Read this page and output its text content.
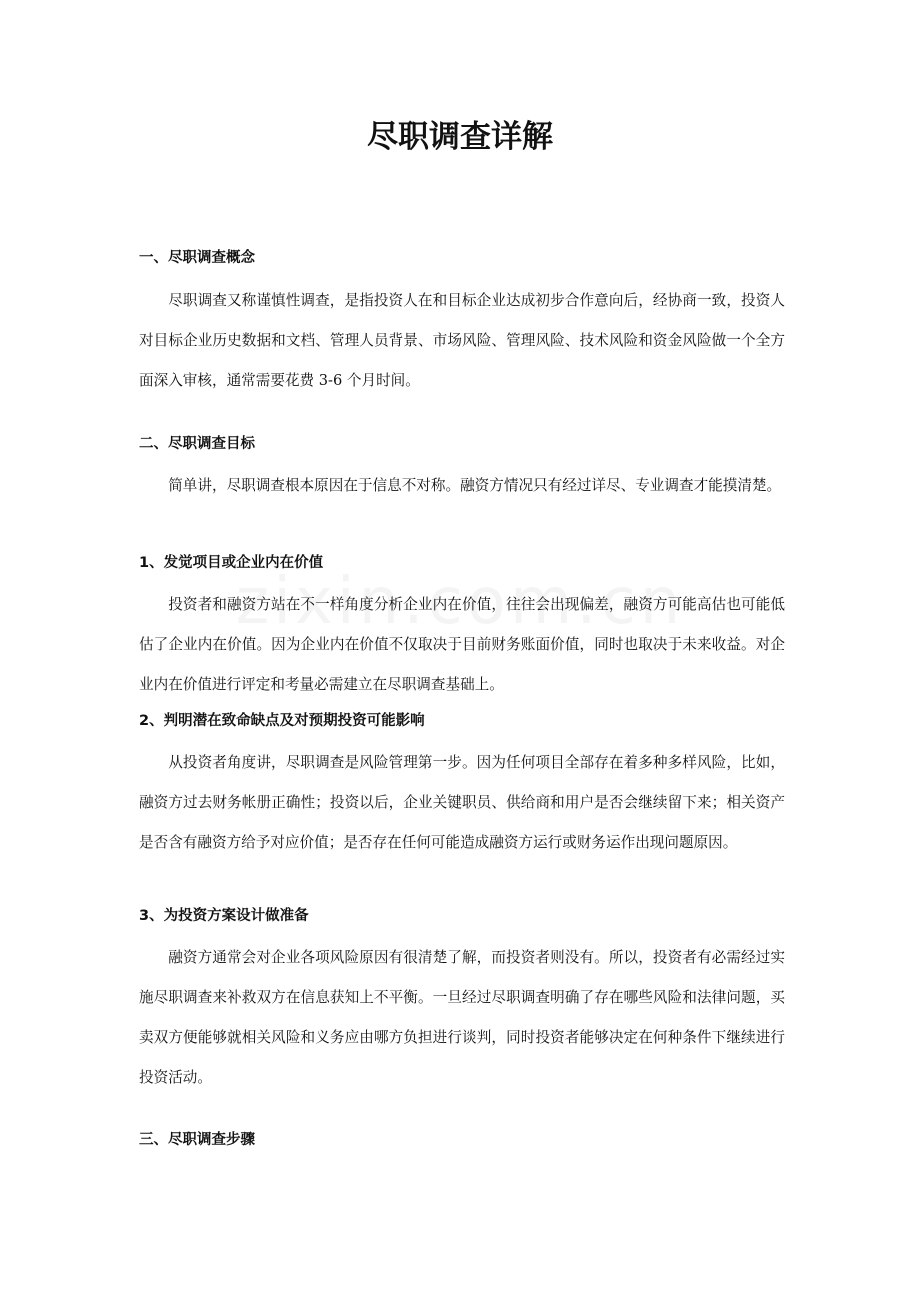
尽职调查详解
一、尽职调查概念

尽职调查又称谨慎性调查，是指投资人在和目标企业达成初步合作意向后，经协商一致，投资人对目标企业历史数据和文档、管理人员背景、市场风险、管理风险、技术风险和资金风险做一个全方面深入审核，通常需要花费 3-6 个月时间。

二、尽职调查目标

简单讲，尽职调查根本原因在于信息不对称。融资方情况只有经过详尽、专业调查才能摸清楚。

1、发觉项目或企业内在价值

投资者和融资方站在不一样角度分析企业内在价值，往往会出现偏差，融资方可能高估也可能低估了企业内在价值。因为企业内在价值不仅取决于目前财务账面价值，同时也取决于未来收益。对企业内在价值进行评定和考量必需建立在尽职调查基础上。

2、判明潜在致命缺点及对预期投资可能影响

从投资者角度讲，尽职调查是风险管理第一步。因为任何项目全部存在着多种多样风险，比如，融资方过去财务帐册正确性；投资以后，企业关键职员、供给商和用户是否会继续留下来；相关资产是否含有融资方给予对应价值；是否存在任何可能造成融资方运行或财务运作出现问题原因。

3、为投资方案设计做准备

融资方通常会对企业各项风险原因有很清楚了解，而投资者则没有。所以，投资者有必需经过实施尽职调查来补救双方在信息获知上不平衡。一旦经过尽职调查明确了存在哪些风险和法律问题，买卖双方便能够就相关风险和义务应由哪方负担进行谈判，同时投资者能够决定在何种条件下继续进行投资活动。

三、尽职调查步骤
